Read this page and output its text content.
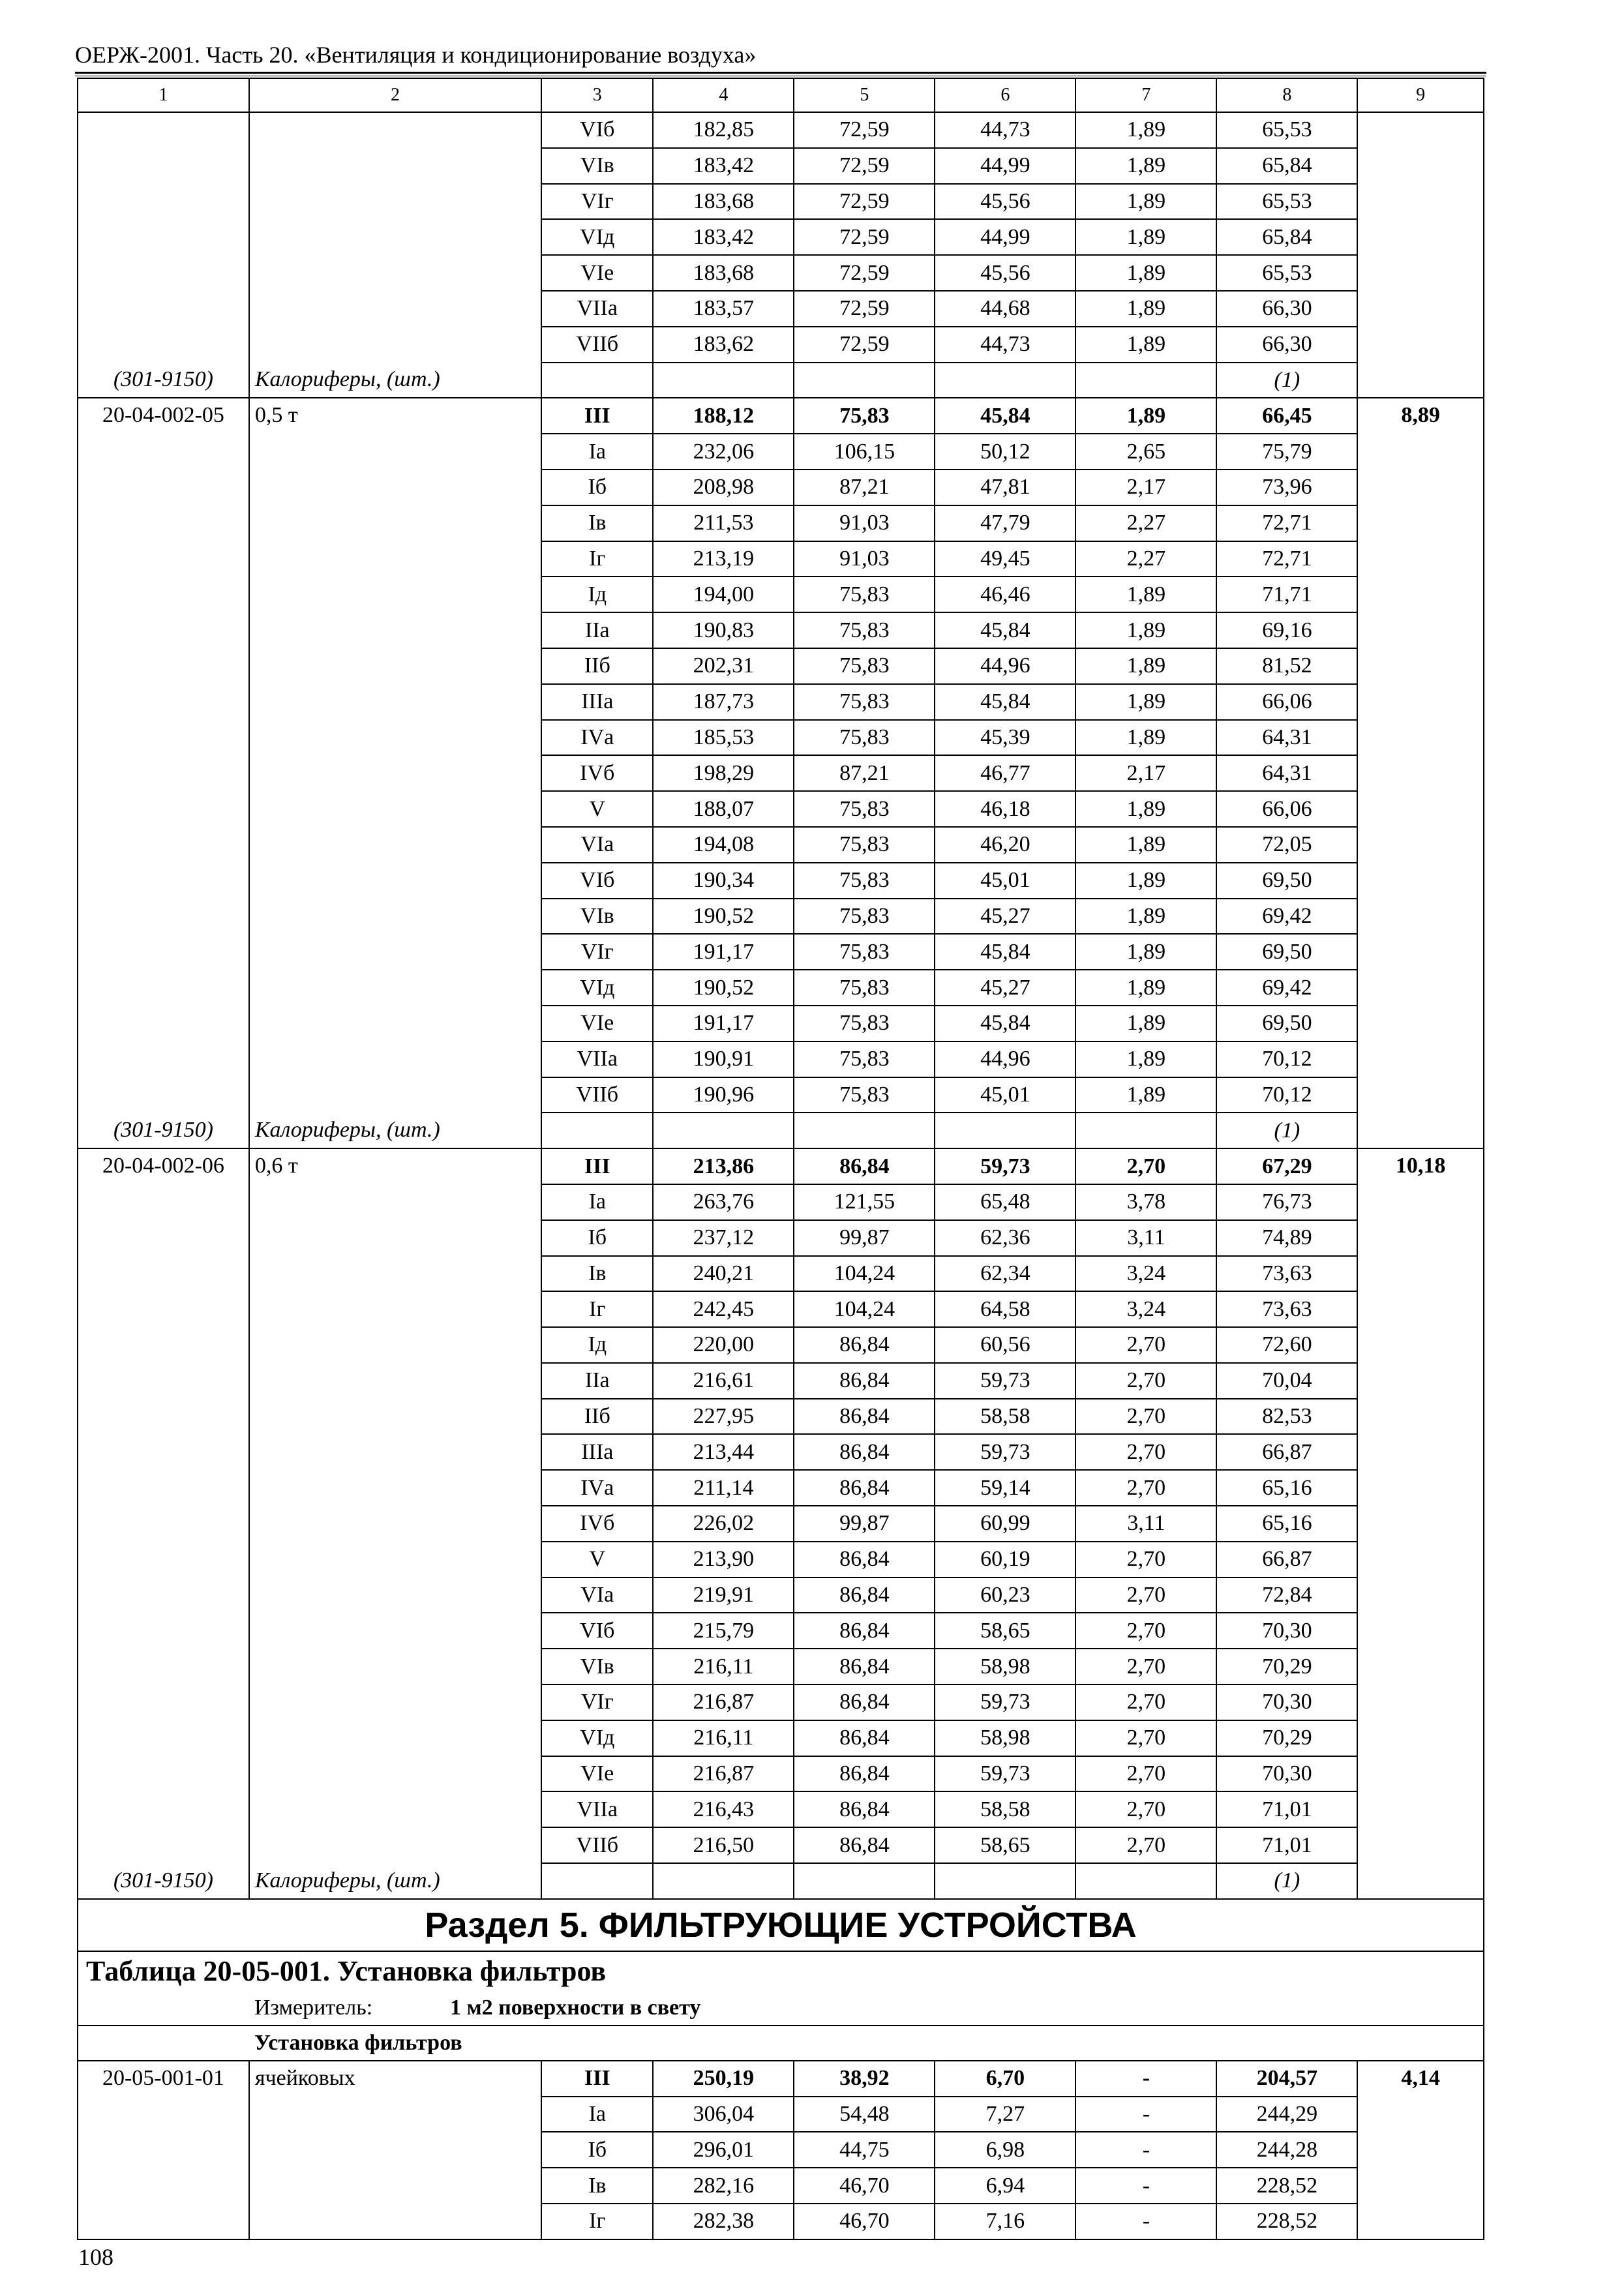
ОЕРЖ-2001. Часть 20. «Вентиляция и кондиционирование воздуха»
1	2	3	4	5	6	7	8	9
		VIб	182,85	72,59	44,73	1,89	65,53	
		VIв	183,42	72,59	44,99	1,89	65,84	
		VIг	183,68	72,59	45,56	1,89	65,53	
		VIд	183,42	72,59	44,99	1,89	65,84	
		VIе	183,68	72,59	45,56	1,89	65,53	
		VIIа	183,57	72,59	44,68	1,89	66,30	
		VIIб	183,62	72,59	44,73	1,89	66,30	
(301-9150)	Калориферы, (шт.)						(1)	
20-04-002-05	0,5 т	III	188,12	75,83	45,84	1,89	66,45	8,89
		Iа	232,06	106,15	50,12	2,65	75,79	
		Iб	208,98	87,21	47,81	2,17	73,96	
		Iв	211,53	91,03	47,79	2,27	72,71	
		Iг	213,19	91,03	49,45	2,27	72,71	
		Iд	194,00	75,83	46,46	1,89	71,71	
		IIа	190,83	75,83	45,84	1,89	69,16	
		IIб	202,31	75,83	44,96	1,89	81,52	
		IIIа	187,73	75,83	45,84	1,89	66,06	
		IVа	185,53	75,83	45,39	1,89	64,31	
		IVб	198,29	87,21	46,77	2,17	64,31	
		V	188,07	75,83	46,18	1,89	66,06	
		VIа	194,08	75,83	46,20	1,89	72,05	
		VIб	190,34	75,83	45,01	1,89	69,50	
		VIв	190,52	75,83	45,27	1,89	69,42	
		VIг	191,17	75,83	45,84	1,89	69,50	
		VIд	190,52	75,83	45,27	1,89	69,42	
		VIе	191,17	75,83	45,84	1,89	69,50	
		VIIа	190,91	75,83	44,96	1,89	70,12	
		VIIб	190,96	75,83	45,01	1,89	70,12	
(301-9150)	Калориферы, (шт.)						(1)	
20-04-002-06	0,6 т	III	213,86	86,84	59,73	2,70	67,29	10,18
		Iа	263,76	121,55	65,48	3,78	76,73	
		Iб	237,12	99,87	62,36	3,11	74,89	
		Iв	240,21	104,24	62,34	3,24	73,63	
		Iг	242,45	104,24	64,58	3,24	73,63	
		Iд	220,00	86,84	60,56	2,70	72,60	
		IIа	216,61	86,84	59,73	2,70	70,04	
		IIб	227,95	86,84	58,58	2,70	82,53	
		IIIа	213,44	86,84	59,73	2,70	66,87	
		IVа	211,14	86,84	59,14	2,70	65,16	
		IVб	226,02	99,87	60,99	3,11	65,16	
		V	213,90	86,84	60,19	2,70	66,87	
		VIа	219,91	86,84	60,23	2,70	72,84	
		VIб	215,79	86,84	58,65	2,70	70,30	
		VIв	216,11	86,84	58,98	2,70	70,29	
		VIг	216,87	86,84	59,73	2,70	70,30	
		VIд	216,11	86,84	58,98	2,70	70,29	
		VIе	216,87	86,84	59,73	2,70	70,30	
		VIIа	216,43	86,84	58,58	2,70	71,01	
		VIIб	216,50	86,84	58,65	2,70	71,01	
(301-9150)	Калориферы, (шт.)						(1)	
Раздел 5. ФИЛЬТРУЮЩИЕ УСТРОЙСТВА								
Таблица 20-05-001. Установка фильтров								
Измеритель: 1 м2 поверхности в свету								
Установка фильтров								
20-05-001-01	ячейковых	III	250,19	38,92	6,70	-	204,57	4,14
		Iа	306,04	54,48	7,27	-	244,29	
		Iб	296,01	44,75	6,98	-	244,28	
		Iв	282,16	46,70	6,94	-	228,52	
		Iг	282,38	46,70	7,16	-	228,52	
108
